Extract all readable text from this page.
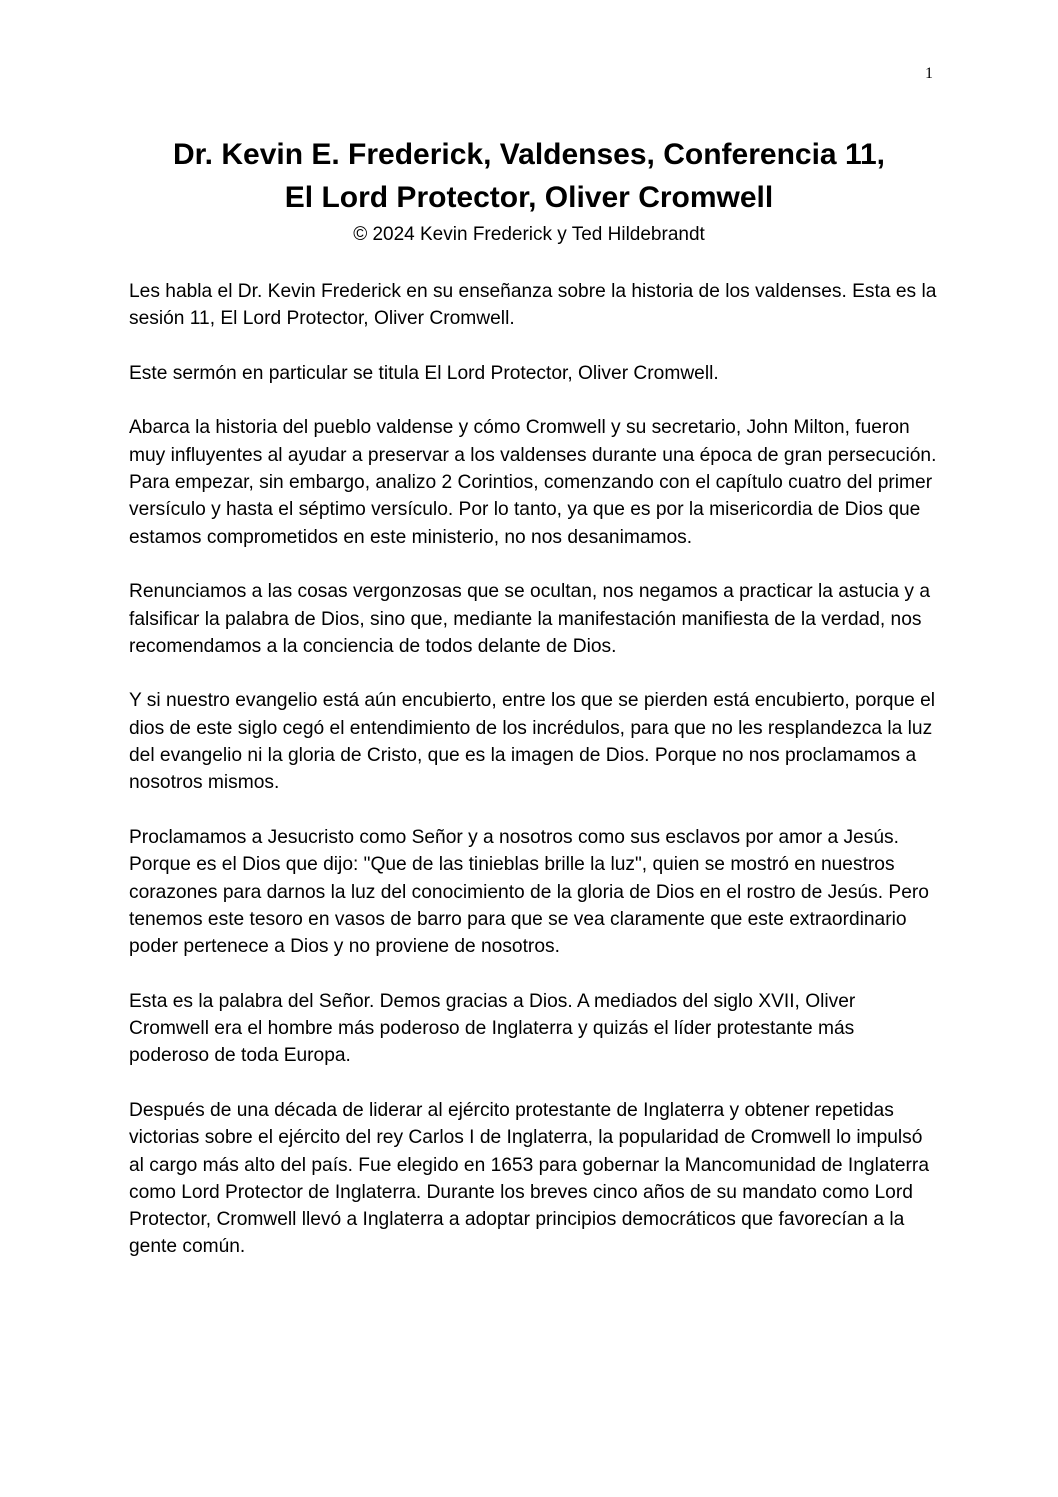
1
Dr. Kevin E. Frederick, Valdenses, Conferencia 11,
El Lord Protector, Oliver Cromwell

© 2024 Kevin Frederick y Ted Hildebrandt

Les habla el Dr. Kevin Frederick en su enseñanza sobre la historia de los valdenses. Esta es la sesión 11, El Lord Protector, Oliver Cromwell.

Este sermón en particular se titula El Lord Protector, Oliver Cromwell.

Abarca la historia del pueblo valdense y cómo Cromwell y su secretario, John Milton, fueron muy influyentes al ayudar a preservar a los valdenses durante una época de gran persecución. Para empezar, sin embargo, analizo 2 Corintios, comenzando con el capítulo cuatro del primer versículo y hasta el séptimo versículo. Por lo tanto, ya que es por la misericordia de Dios que estamos comprometidos en este ministerio, no nos desanimamos.

Renunciamos a las cosas vergonzosas que se ocultan, nos negamos a practicar la astucia y a falsificar la palabra de Dios, sino que, mediante la manifestación manifiesta de la verdad, nos recomendamos a la conciencia de todos delante de Dios.

Y si nuestro evangelio está aún encubierto, entre los que se pierden está encubierto, porque el dios de este siglo cegó el entendimiento de los incrédulos, para que no les resplandezca la luz del evangelio ni la gloria de Cristo, que es la imagen de Dios. Porque no nos proclamamos a nosotros mismos.

Proclamamos a Jesucristo como Señor y a nosotros como sus esclavos por amor a Jesús. Porque es el Dios que dijo: "Que de las tinieblas brille la luz", quien se mostró en nuestros corazones para darnos la luz del conocimiento de la gloria de Dios en el rostro de Jesús. Pero tenemos este tesoro en vasos de barro para que se vea claramente que este extraordinario poder pertenece a Dios y no proviene de nosotros.

Esta es la palabra del Señor. Demos gracias a Dios. A mediados del siglo XVII, Oliver Cromwell era el hombre más poderoso de Inglaterra y quizás el líder protestante más poderoso de toda Europa.

Después de una década de liderar al ejército protestante de Inglaterra y obtener repetidas victorias sobre el ejército del rey Carlos I de Inglaterra, la popularidad de Cromwell lo impulsó al cargo más alto del país. Fue elegido en 1653 para gobernar la Mancomunidad de Inglaterra como Lord Protector de Inglaterra. Durante los breves cinco años de su mandato como Lord Protector, Cromwell llevó a Inglaterra a adoptar principios democráticos que favorecían a la gente común.
